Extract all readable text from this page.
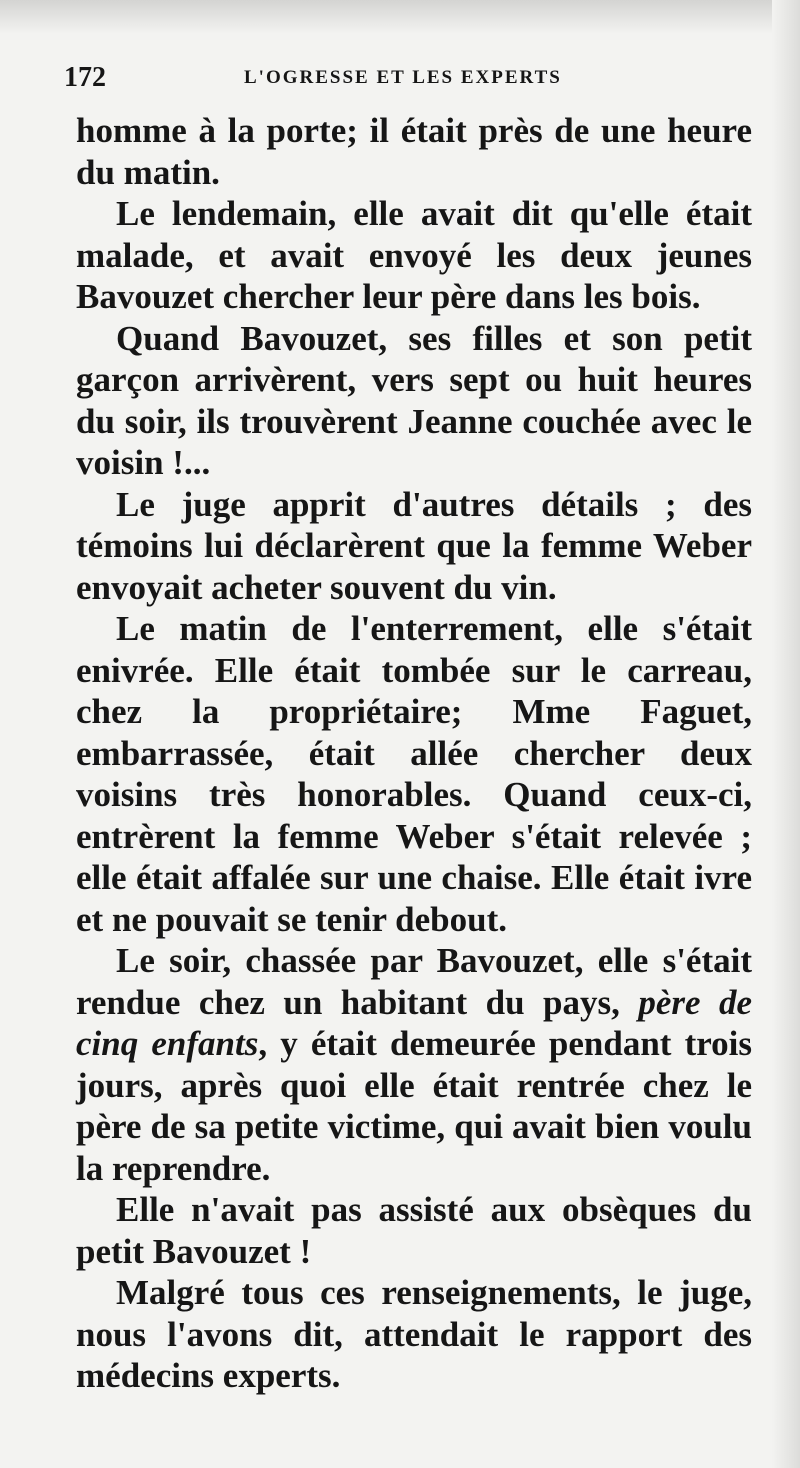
172	L'OGRESSE ET LES EXPERTS

homme à la porte; il était près de une heure du matin.

Le lendemain, elle avait dit qu'elle était malade, et avait envoyé les deux jeunes Bavouzet chercher leur père dans les bois.

Quand Bavouzet, ses filles et son petit garçon arrivèrent, vers sept ou huit heures du soir, ils trouvèrent Jeanne couchée avec le voisin !...

Le juge apprit d'autres détails ; des témoins lui déclarèrent que la femme Weber envoyait acheter souvent du vin.

Le matin de l'enterrement, elle s'était enivrée. Elle était tombée sur le carreau, chez la propriétaire; Mme Faguet, embarrassée, était allée chercher deux voisins très honorables. Quand ceux-ci, entrèrent la femme Weber s'était relevée ; elle était affalée sur une chaise. Elle était ivre et ne pouvait se tenir debout.

Le soir, chassée par Bavouzet, elle s'était rendue chez un habitant du pays, père de cinq enfants, y était demeurée pendant trois jours, après quoi elle était rentrée chez le père de sa petite victime, qui avait bien voulu la reprendre.

Elle n'avait pas assisté aux obsèques du petit Bavouzet !

Malgré tous ces renseignements, le juge, nous l'avons dit, attendait le rapport des médecins experts.
